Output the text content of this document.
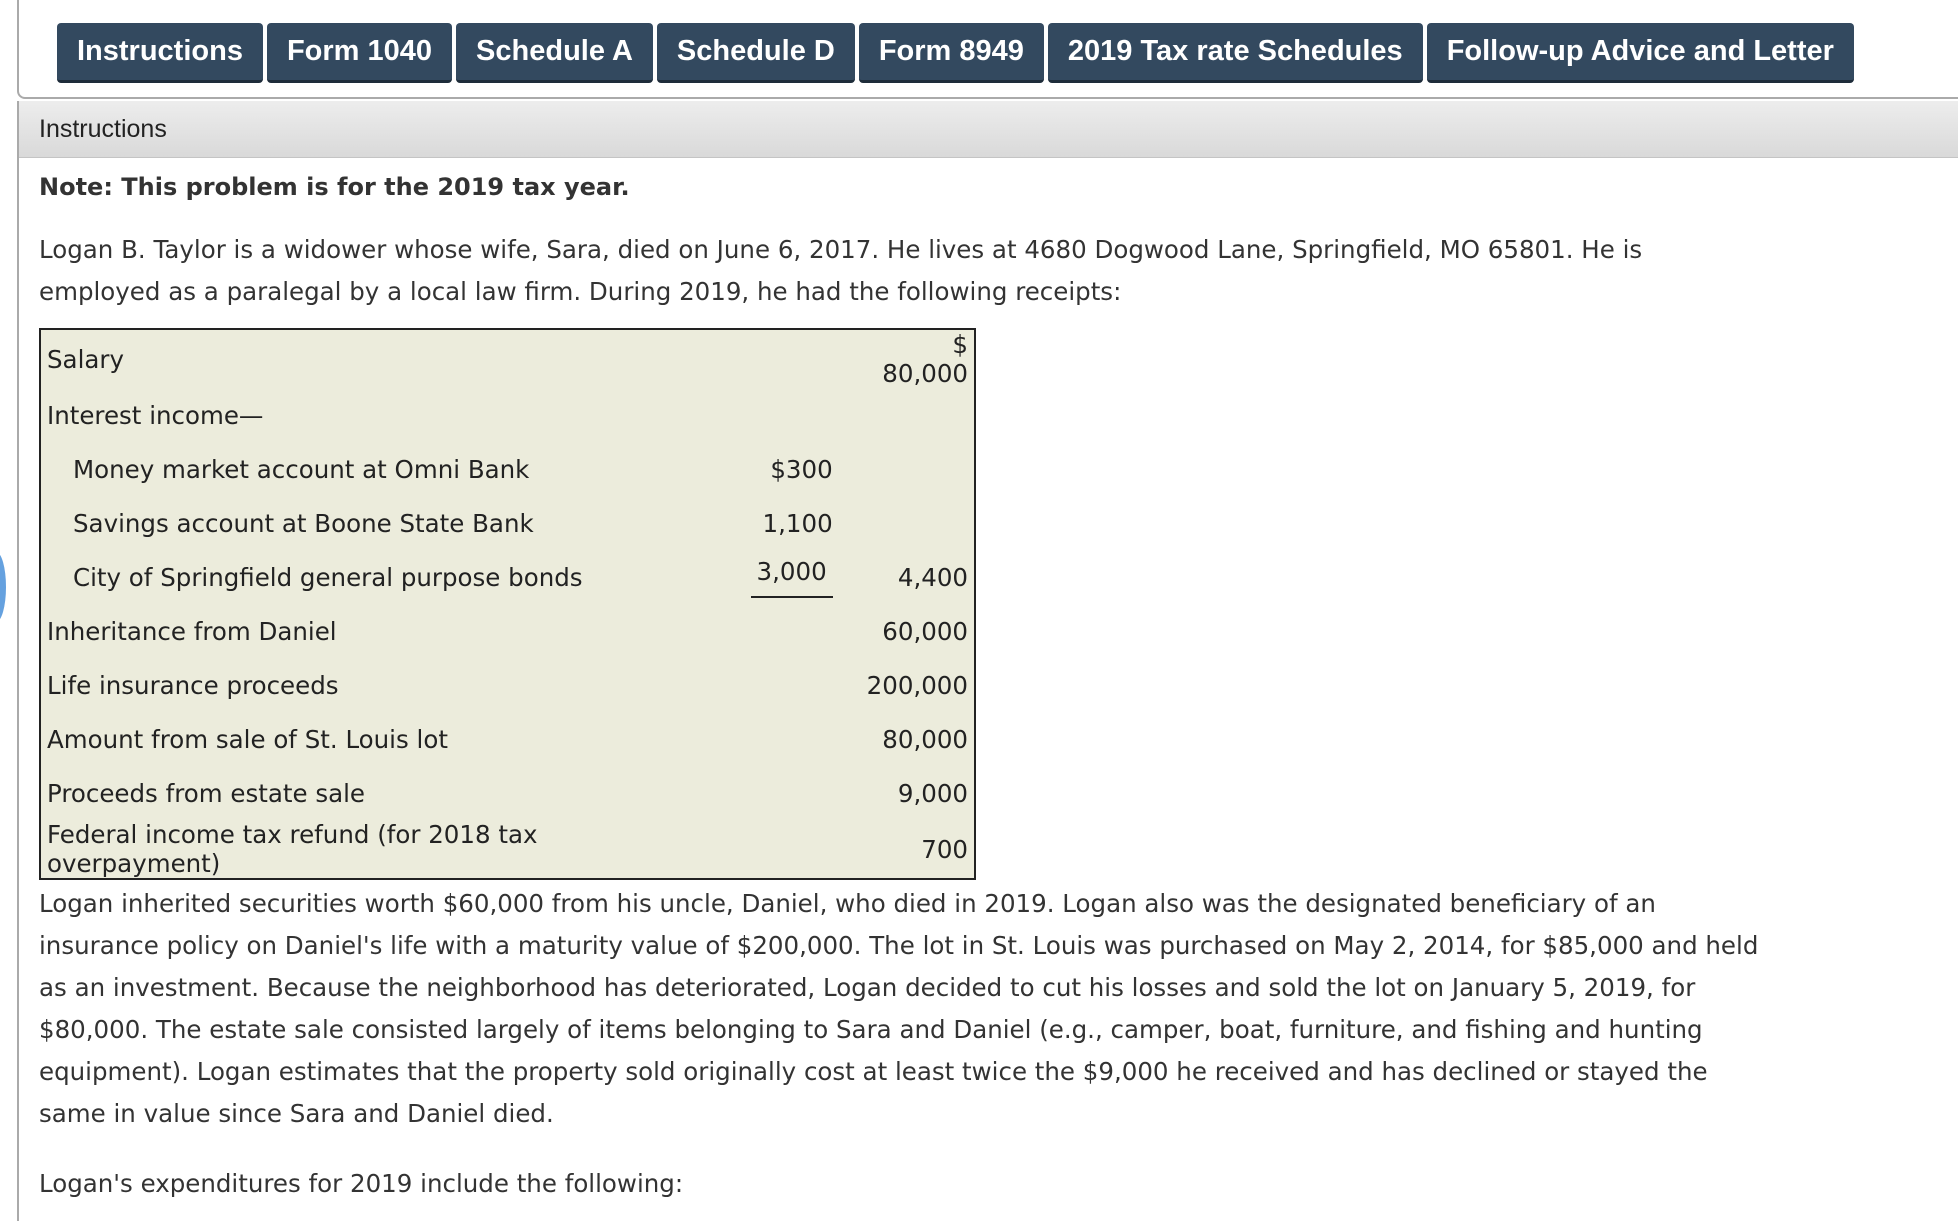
Instructions	Form 1040	Schedule A	Schedule D	Form 8949	2019 Tax rate Schedules	Follow-up Advice and Letter
Instructions

Note: This problem is for the 2019 tax year.

Logan B. Taylor is a widower whose wife, Sara, died on June 6, 2017. He lives at 4680 Dogwood Lane, Springfield, MO 65801. He is employed as a paralegal by a local law firm. During 2019, he had the following receipts:

Salary		$ 80,000
Interest income—		
Money market account at Omni Bank	$300	
Savings account at Boone State Bank	1,100	
City of Springfield general purpose bonds	3,000	4,400
Inheritance from Daniel		60,000
Life insurance proceeds		200,000
Amount from sale of St. Louis lot		80,000
Proceeds from estate sale		9,000
Federal income tax refund (for 2018 tax overpayment)		700

Logan inherited securities worth $60,000 from his uncle, Daniel, who died in 2019. Logan also was the designated beneficiary of an insurance policy on Daniel's life with a maturity value of $200,000. The lot in St. Louis was purchased on May 2, 2014, for $85,000 and held as an investment. Because the neighborhood has deteriorated, Logan decided to cut his losses and sold the lot on January 5, 2019, for $80,000. The estate sale consisted largely of items belonging to Sara and Daniel (e.g., camper, boat, furniture, and fishing and hunting equipment). Logan estimates that the property sold originally cost at least twice the $9,000 he received and has declined or stayed the same in value since Sara and Daniel died.

Logan's expenditures for 2019 include the following:
